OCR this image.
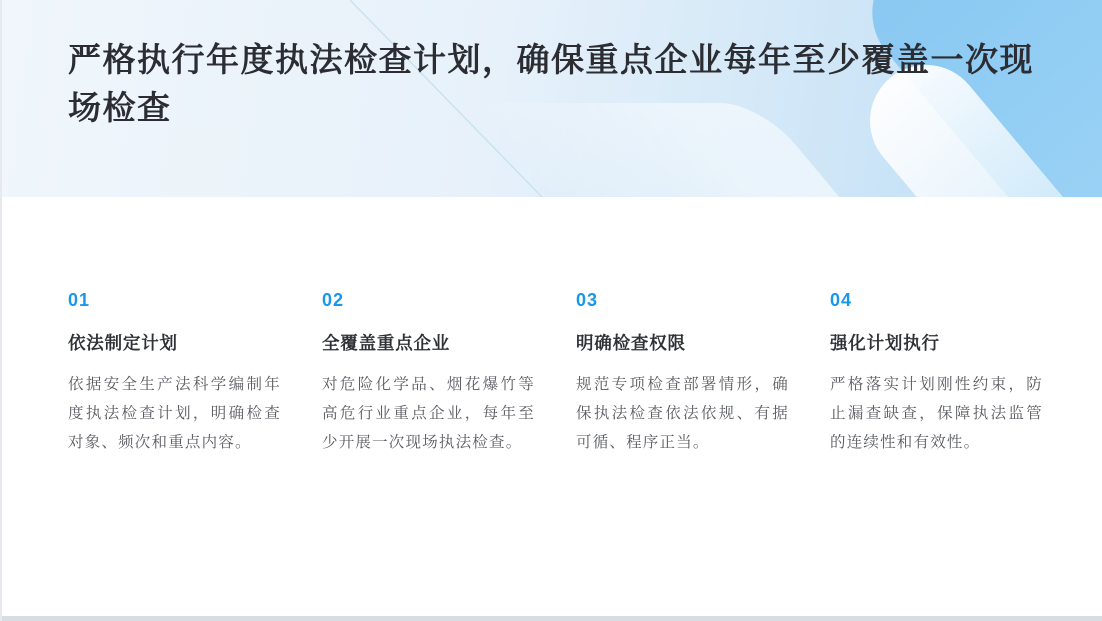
严格执行年度执法检查计划，确保重点企业每年至少覆盖一次现场检查
01
依法制定计划
依据安全生产法科学编制年度执法检查计划，明确检查对象、频次和重点内容。
02
全覆盖重点企业
对危险化学品、烟花爆竹等高危行业重点企业，每年至少开展一次现场执法检查。
03
明确检查权限
规范专项检查部署情形，确保执法检查依法依规、有据可循、程序正当。
04
强化计划执行
严格落实计划刚性约束，防止漏查缺查，保障执法监管的连续性和有效性。
